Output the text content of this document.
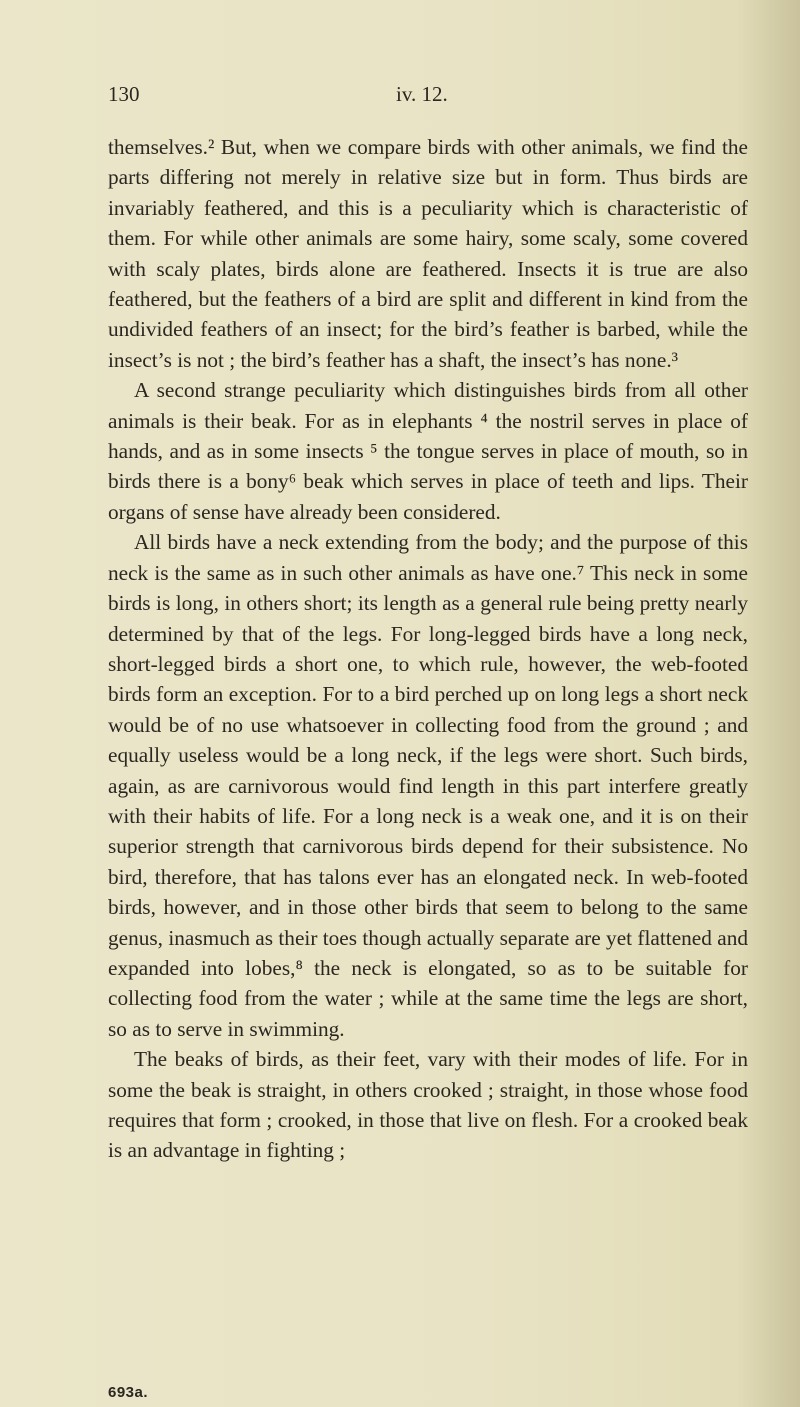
130	iv. 12.

themselves.² But, when we compare birds with other animals, we find the parts differing not merely in relative size but in form. Thus birds are invariably feathered, and this is a peculiarity which is characteristic of them. For while other animals are some hairy, some scaly, some covered with scaly plates, birds alone are feathered. Insects it is true are also feathered, but the feathers of a bird are split and different in kind from the undivided feathers of an insect; for the bird’s feather is barbed, while the insect’s is not ; the bird’s feather has a shaft, the insect’s has none.³

A second strange peculiarity which distinguishes birds from all other animals is their beak. For as in elephants ⁴ the nostril serves in place of hands, and as in some insects ⁵ the tongue serves in place of mouth, so in birds there is a bony⁶ beak which serves in place of teeth and lips. Their organs of sense have already been considered.

All birds have a neck extending from the body; and the purpose of this neck is the same as in such other animals as have one.⁷ This neck in some birds is long, in others short; its length as a general rule being pretty nearly determined by that of the legs. For long-legged birds have a long neck, short-legged birds a short one, to which rule, however, the web-footed birds form an exception. For to a bird perched up on long legs a short neck would be of no use whatsoever in collecting food from the ground ; and equally useless would be a long neck, if the legs were short. Such birds, again, as are carnivorous would find length in this part interfere greatly with their habits of life. For a long neck is a weak one, and it is on their superior strength that carnivorous birds depend for their subsistence. No bird, therefore, that has talons ever has an elongated neck. In web-footed birds, however, and in those other birds that seem to belong to the same genus, inasmuch as their toes though actually separate are yet flattened and expanded into lobes,⁸ the neck is elongated, so as to be suitable for collecting food from the water ; while at the same time the legs are short, so as to serve in swimming.

The beaks of birds, as their feet, vary with their modes of life. For in some the beak is straight, in others crooked ; straight, in those whose food requires that form ; crooked, in those that live on flesh. For a crooked beak is an advantage in fighting ;

693a.
